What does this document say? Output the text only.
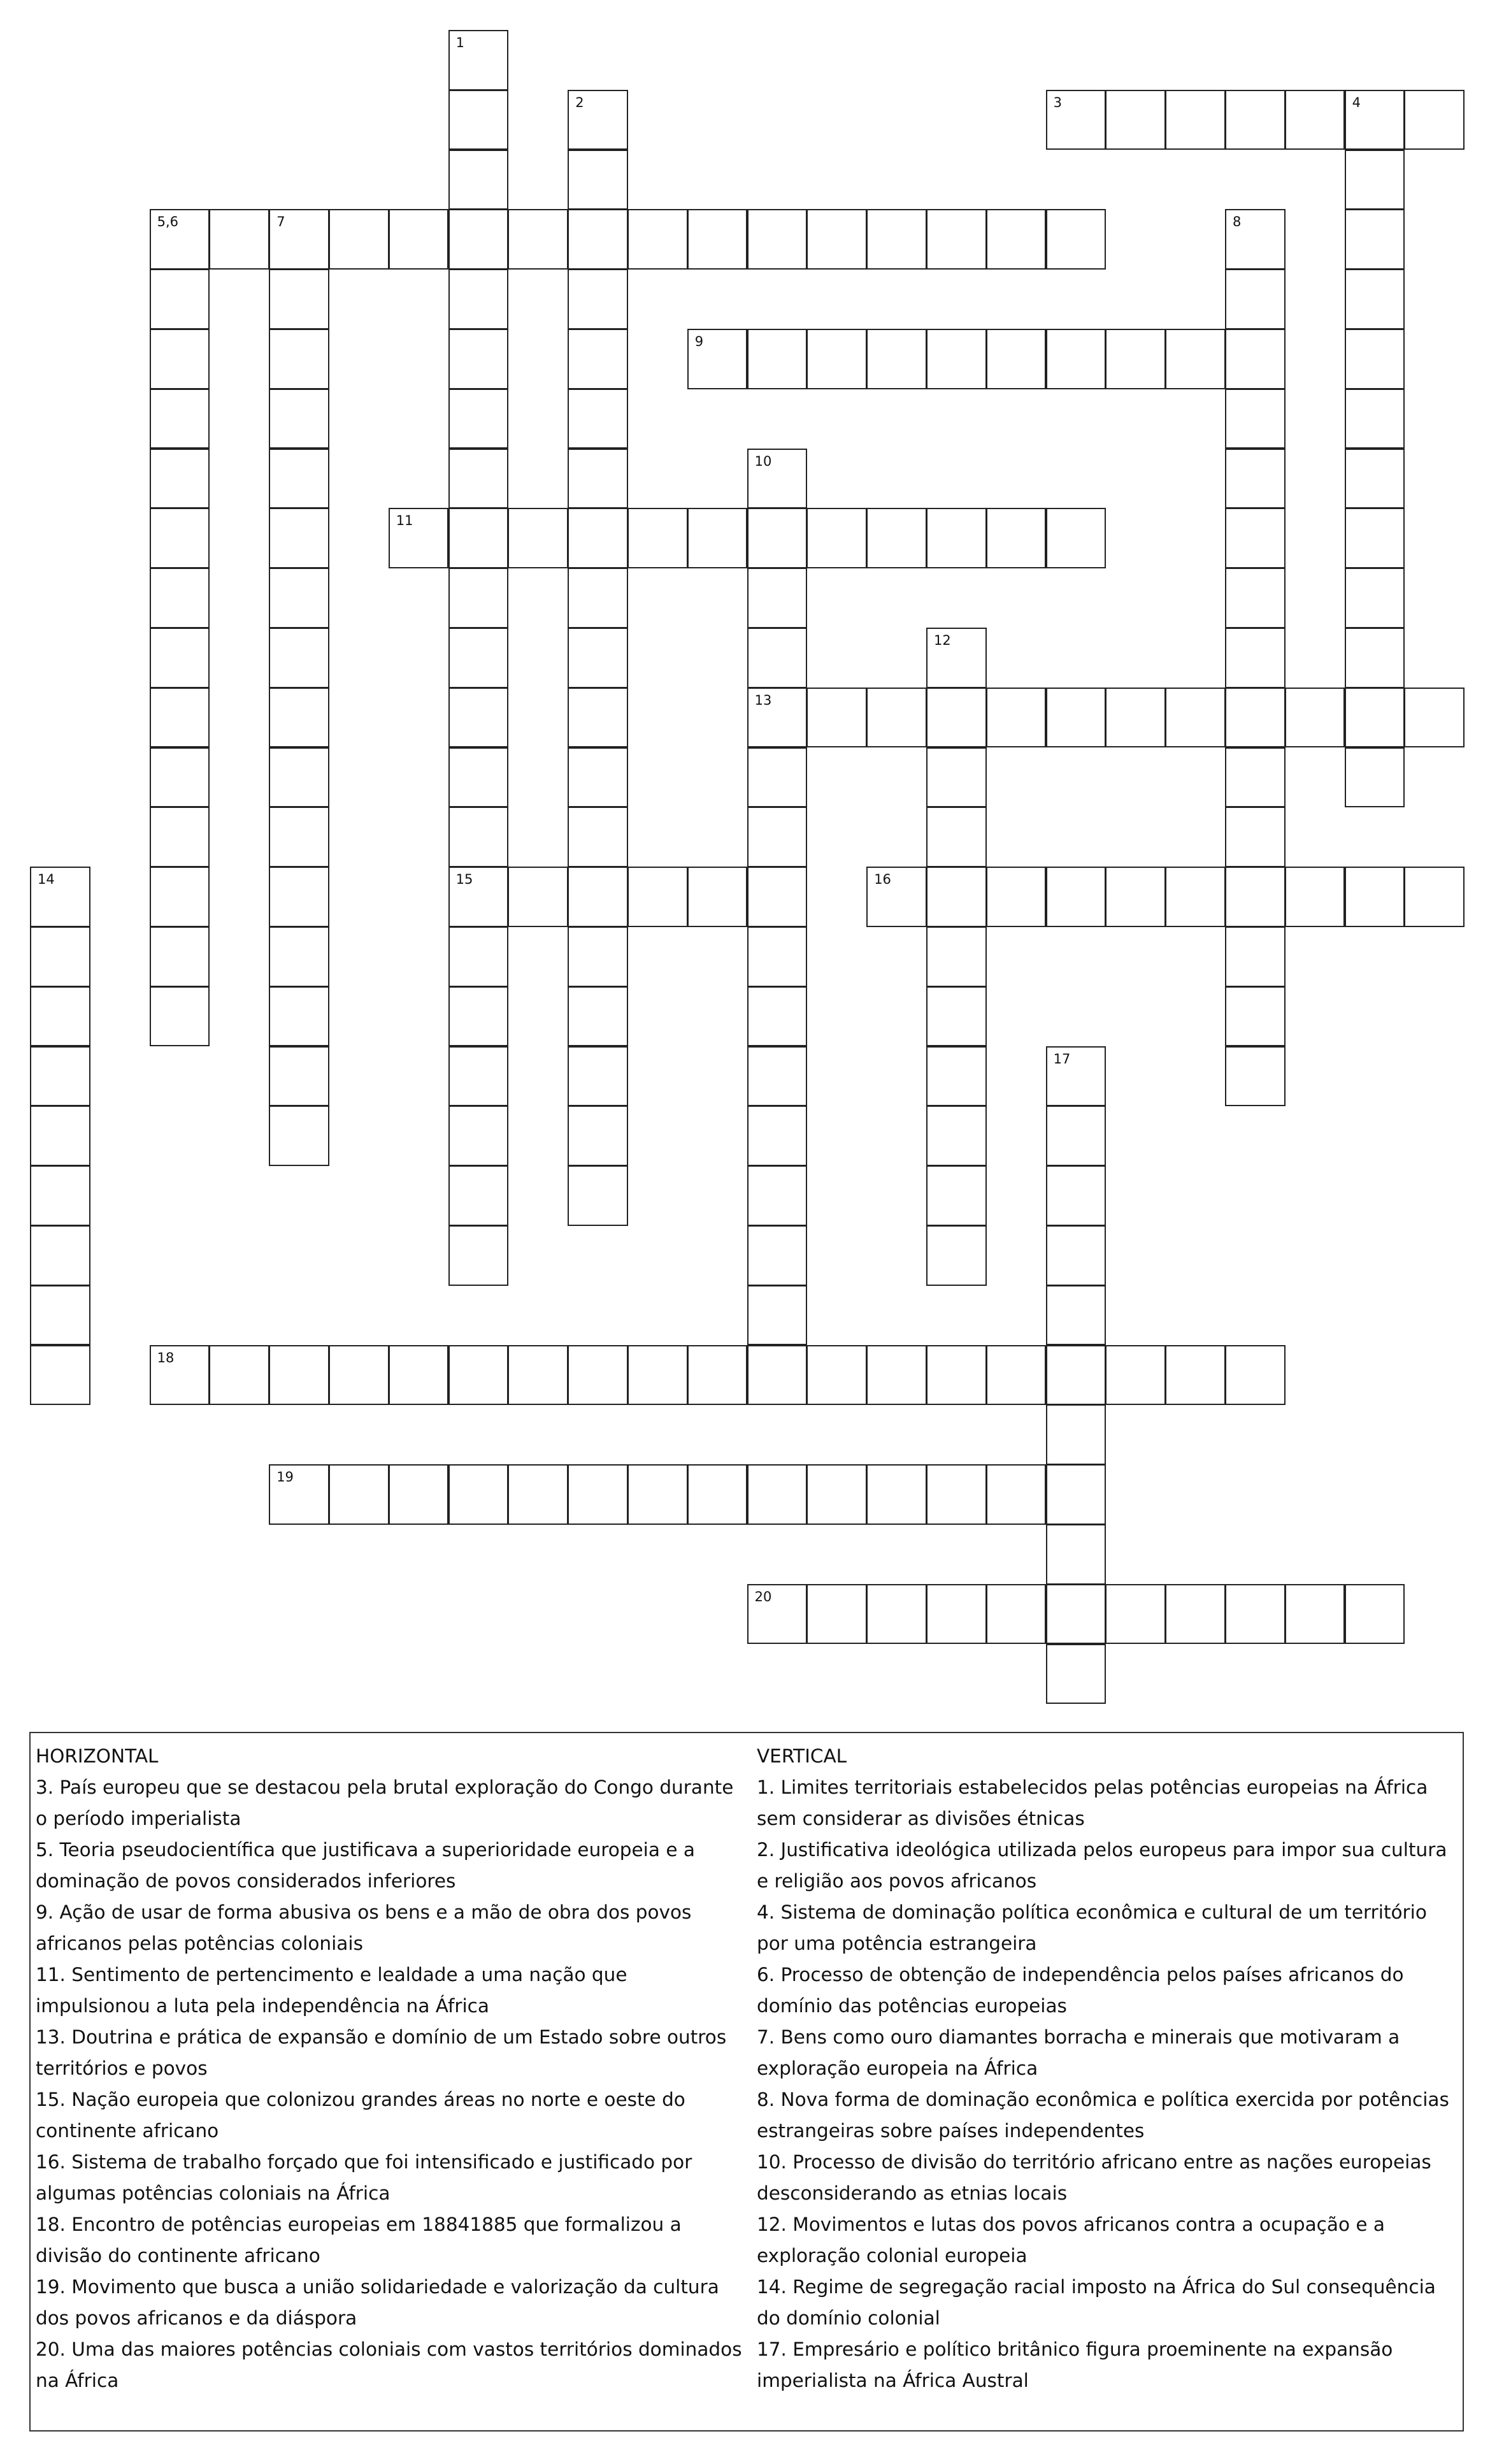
3	4
5,6	7
9
11
13
15	16
18
19
20
1
2
8
10
12
14
17
HORIZONTAL
3. País europeu que se destacou pela brutal exploração do Congo durante o período imperialista
5. Teoria pseudocientífica que justificava a superioridade europeia e a dominação de povos considerados inferiores
9. Ação de usar de forma abusiva os bens e a mão de obra dos povos africanos pelas potências coloniais
11. Sentimento de pertencimento e lealdade a uma nação que impulsionou a luta pela independência na África
13. Doutrina e prática de expansão e domínio de um Estado sobre outros territórios e povos
15. Nação europeia que colonizou grandes áreas no norte e oeste do continente africano
16. Sistema de trabalho forçado que foi intensificado e justificado por algumas potências coloniais na África
18. Encontro de potências europeias em 18841885 que formalizou a divisão do continente africano
19. Movimento que busca a união solidariedade e valorização da cultura dos povos africanos e da diáspora
20. Uma das maiores potências coloniais com vastos territórios dominados na África
VERTICAL
1. Limites territoriais estabelecidos pelas potências europeias na África sem considerar as divisões étnicas
2. Justificativa ideológica utilizada pelos europeus para impor sua cultura e religião aos povos africanos
4. Sistema de dominação política econômica e cultural de um território por uma potência estrangeira
6. Processo de obtenção de independência pelos países africanos do domínio das potências europeias
7. Bens como ouro diamantes borracha e minerais que motivaram a exploração europeia na África
8. Nova forma de dominação econômica e política exercida por potências estrangeiras sobre países independentes
10. Processo de divisão do território africano entre as nações europeias desconsiderando as etnias locais
12. Movimentos e lutas dos povos africanos contra a ocupação e a exploração colonial europeia
14. Regime de segregação racial imposto na África do Sul consequência do domínio colonial
17. Empresário e político britânico figura proeminente na expansão imperialista na África Austral
